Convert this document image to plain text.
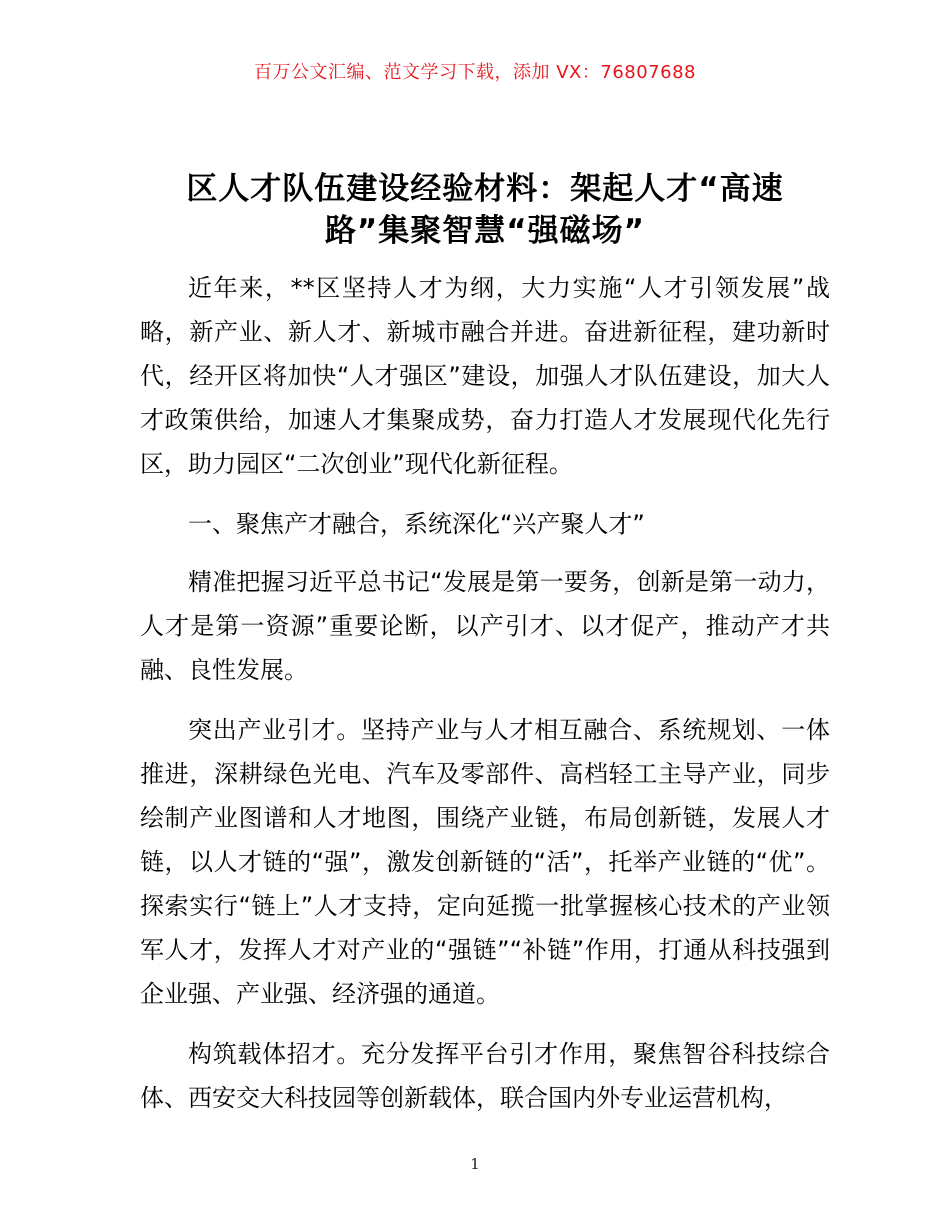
百万公文汇编、范文学习下载，添加 VX：76807688
区人才队伍建设经验材料：架起人才“高速
路”集聚智慧“强磁场”

近年来，**区坚持人才为纲，大力实施“人才引领发展”战略，新产业、新人才、新城市融合并进。奋进新征程，建功新时代，经开区将加快“人才强区”建设，加强人才队伍建设，加大人才政策供给，加速人才集聚成势，奋力打造人才发展现代化先行区，助力园区“二次创业”现代化新征程。

一、聚焦产才融合，系统深化“兴产聚人才”

精准把握习近平总书记“发展是第一要务，创新是第一动力，人才是第一资源”重要论断，以产引才、以才促产，推动产才共融、良性发展。

突出产业引才。坚持产业与人才相互融合、系统规划、一体推进，深耕绿色光电、汽车及零部件、高档轻工主导产业，同步绘制产业图谱和人才地图，围绕产业链，布局创新链，发展人才链，以人才链的“强”，激发创新链的“活”，托举产业链的“优”。探索实行“链上”人才支持，定向延揽一批掌握核心技术的产业领军人才，发挥人才对产业的“强链”“补链”作用，打通从科技强到企业强、产业强、经济强的通道。

构筑载体招才。充分发挥平台引才作用，聚焦智谷科技综合体、西安交大科技园等创新载体，联合国内外专业运营机构，

1
